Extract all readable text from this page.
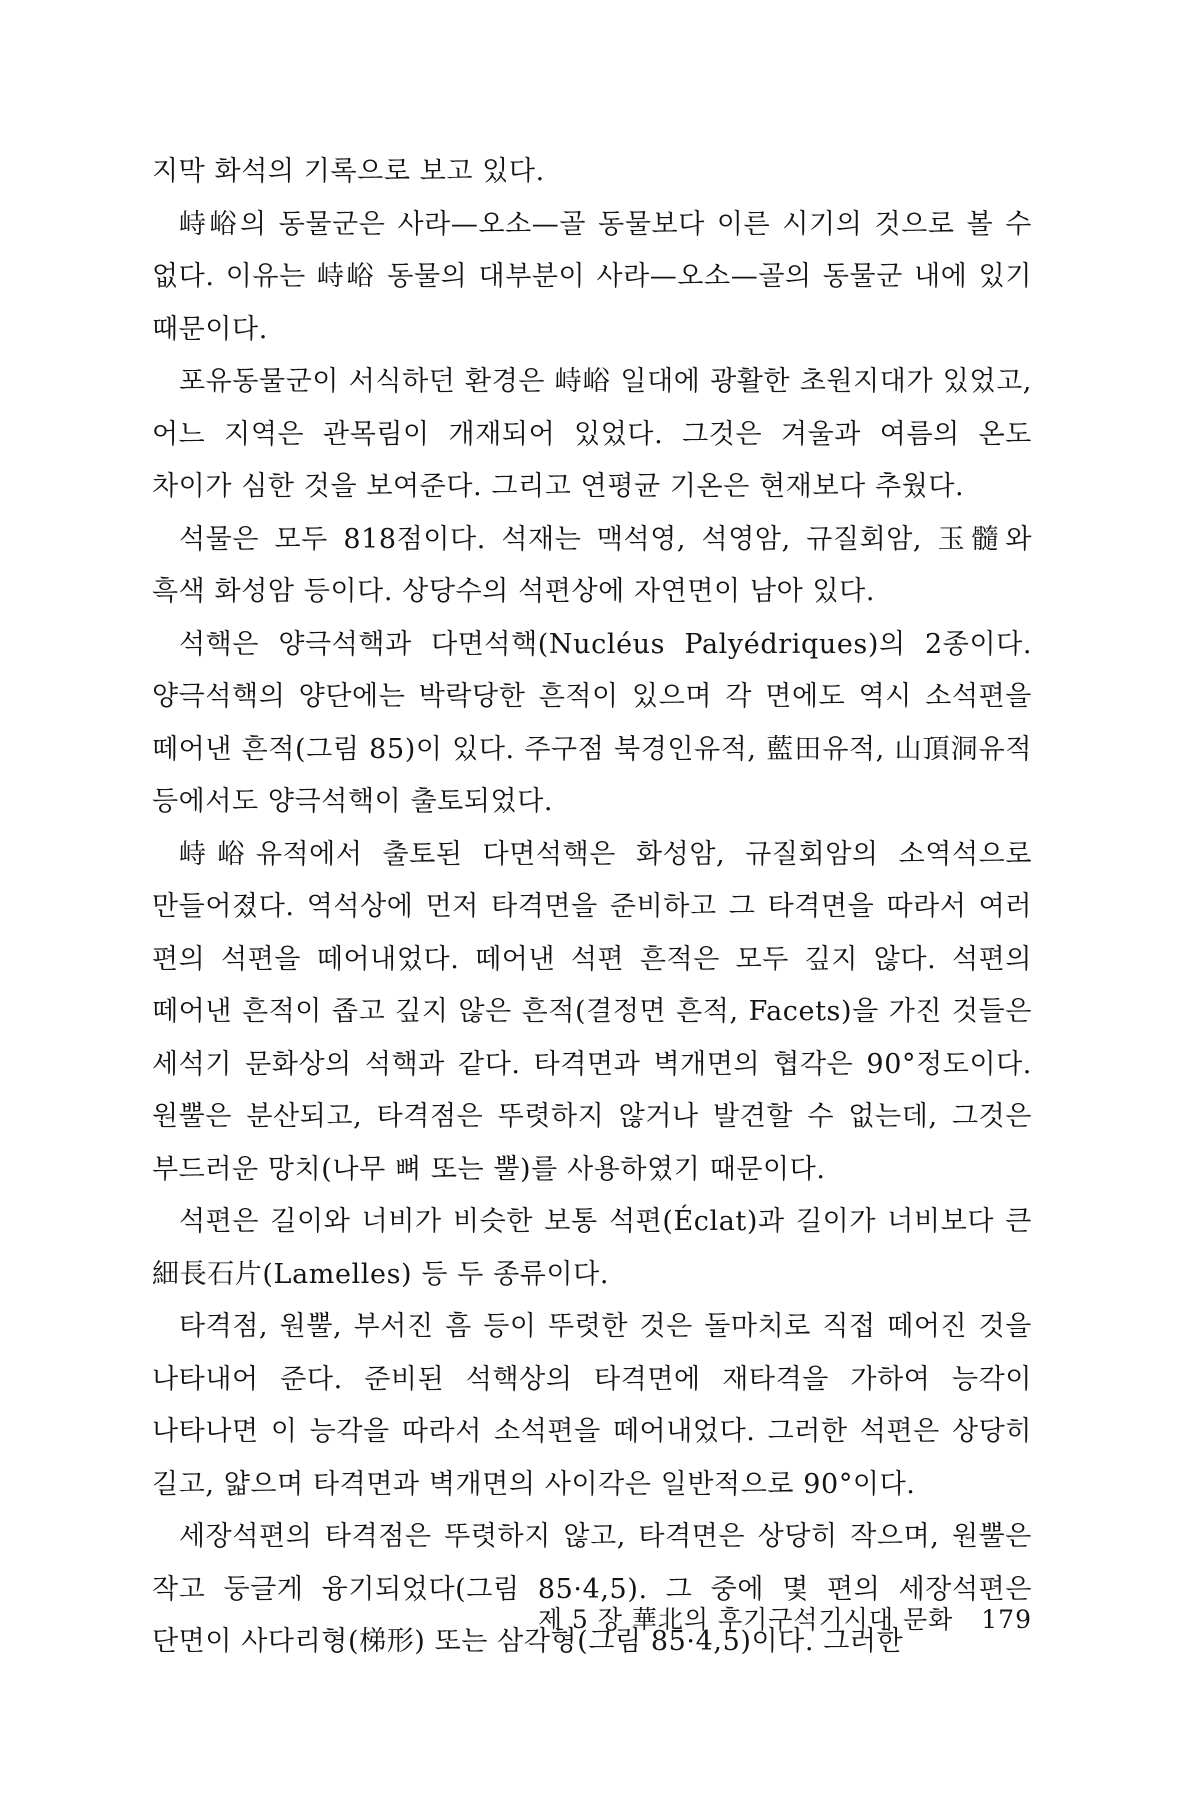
지막 화석의 기록으로 보고 있다.

峙峪의 동물군은 사라—오소—골 동물보다 이른 시기의 것으로 볼 수 없다. 이유는 峙峪 동물의 대부분이 사라—오소—골의 동물군 내에 있기 때문이다.

포유동물군이 서식하던 환경은 峙峪 일대에 광활한 초원지대가 있었고, 어느 지역은 관목림이 개재되어 있었다. 그것은 겨울과 여름의 온도 차이가 심한 것을 보여준다. 그리고 연평균 기온은 현재보다 추웠다.

석물은 모두 818점이다. 석재는 맥석영, 석영암, 규질회암, 玉髓와 흑색 화성암 등이다. 상당수의 석편상에 자연면이 남아 있다.

석핵은 양극석핵과 다면석핵(Nucléus Palyédriques)의 2종이다. 양극석핵의 양단에는 박락당한 흔적이 있으며 각 면에도 역시 소석편을 떼어낸 흔적(그림 85)이 있다. 주구점 북경인유적, 藍田유적, 山頂洞유적 등에서도 양극석핵이 출토되었다.

峙峪유적에서 출토된 다면석핵은 화성암, 규질회암의 소역석으로 만들어졌다. 역석상에 먼저 타격면을 준비하고 그 타격면을 따라서 여러 편의 석편을 떼어내었다. 떼어낸 석편 흔적은 모두 깊지 않다. 석편의 떼어낸 흔적이 좁고 깊지 않은 흔적(결정면 흔적, Facets)을 가진 것들은 세석기 문화상의 석핵과 같다. 타격면과 벽개면의 협각은 90°정도이다. 원뿔은 분산되고, 타격점은 뚜렷하지 않거나 발견할 수 없는데, 그것은 부드러운 망치(나무 뼈 또는 뿔)를 사용하였기 때문이다.

석편은 길이와 너비가 비슷한 보통 석편(Éclat)과 길이가 너비보다 큰 細長石片(Lamelles) 등 두 종류이다.

타격점, 원뿔, 부서진 흠 등이 뚜렷한 것은 돌마치로 직접 떼어진 것을 나타내어 준다. 준비된 석핵상의 타격면에 재타격을 가하여 능각이 나타나면 이 능각을 따라서 소석편을 떼어내었다. 그러한 석편은 상당히 길고, 얇으며 타격면과 벽개면의 사이각은 일반적으로 90°이다.

세장석편의 타격점은 뚜렷하지 않고, 타격면은 상당히 작으며, 원뿔은 작고 둥글게 융기되었다(그림 85·4,5). 그 중에 몇 편의 세장석편은 단면이 사다리형(梯形) 또는 삼각형(그림 85·4,5)이다. 그러한

제 5 장 華北의 후기구석기시대 문화 179
